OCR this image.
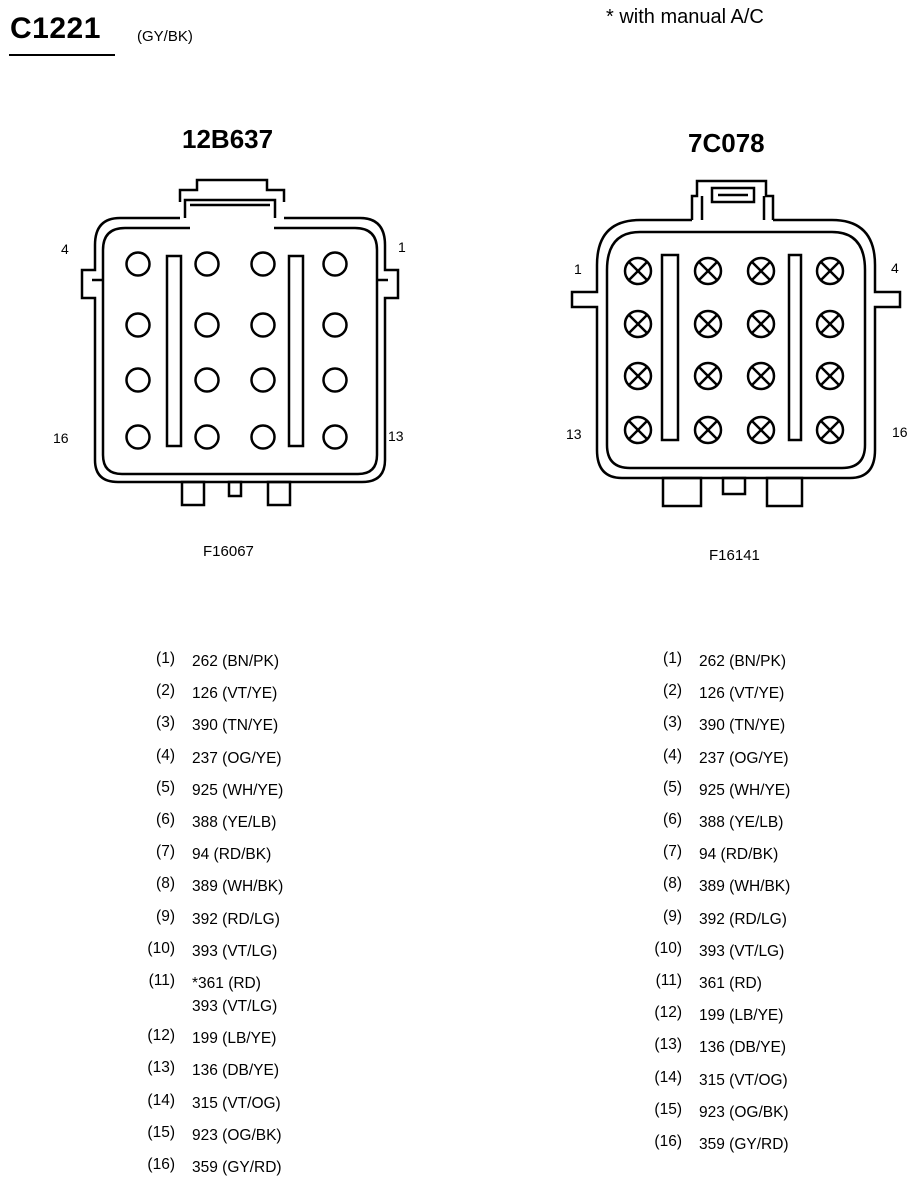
C1221 (GY/BK)
* with manual A/C
12B637
4	1
16	13
F16067
7C078
1	4
13	16
F16141
(1) 262 (BN/PK)
(2) 126 (VT/YE)
(3) 390 (TN/YE)
(4) 237 (OG/YE)
(5) 925 (WH/YE)
(6) 388 (YE/LB)
(7) 94 (RD/BK)
(8) 389 (WH/BK)
(9) 392 (RD/LG)
(10) 393 (VT/LG)
(11) *361 (RD)
393 (VT/LG)
(12) 199 (LB/YE)
(13) 136 (DB/YE)
(14) 315 (VT/OG)
(15) 923 (OG/BK)
(16) 359 (GY/RD)
(1) 262 (BN/PK)
(2) 126 (VT/YE)
(3) 390 (TN/YE)
(4) 237 (OG/YE)
(5) 925 (WH/YE)
(6) 388 (YE/LB)
(7) 94 (RD/BK)
(8) 389 (WH/BK)
(9) 392 (RD/LG)
(10) 393 (VT/LG)
(11) 361 (RD)
(12) 199 (LB/YE)
(13) 136 (DB/YE)
(14) 315 (VT/OG)
(15) 923 (OG/BK)
(16) 359 (GY/RD)
